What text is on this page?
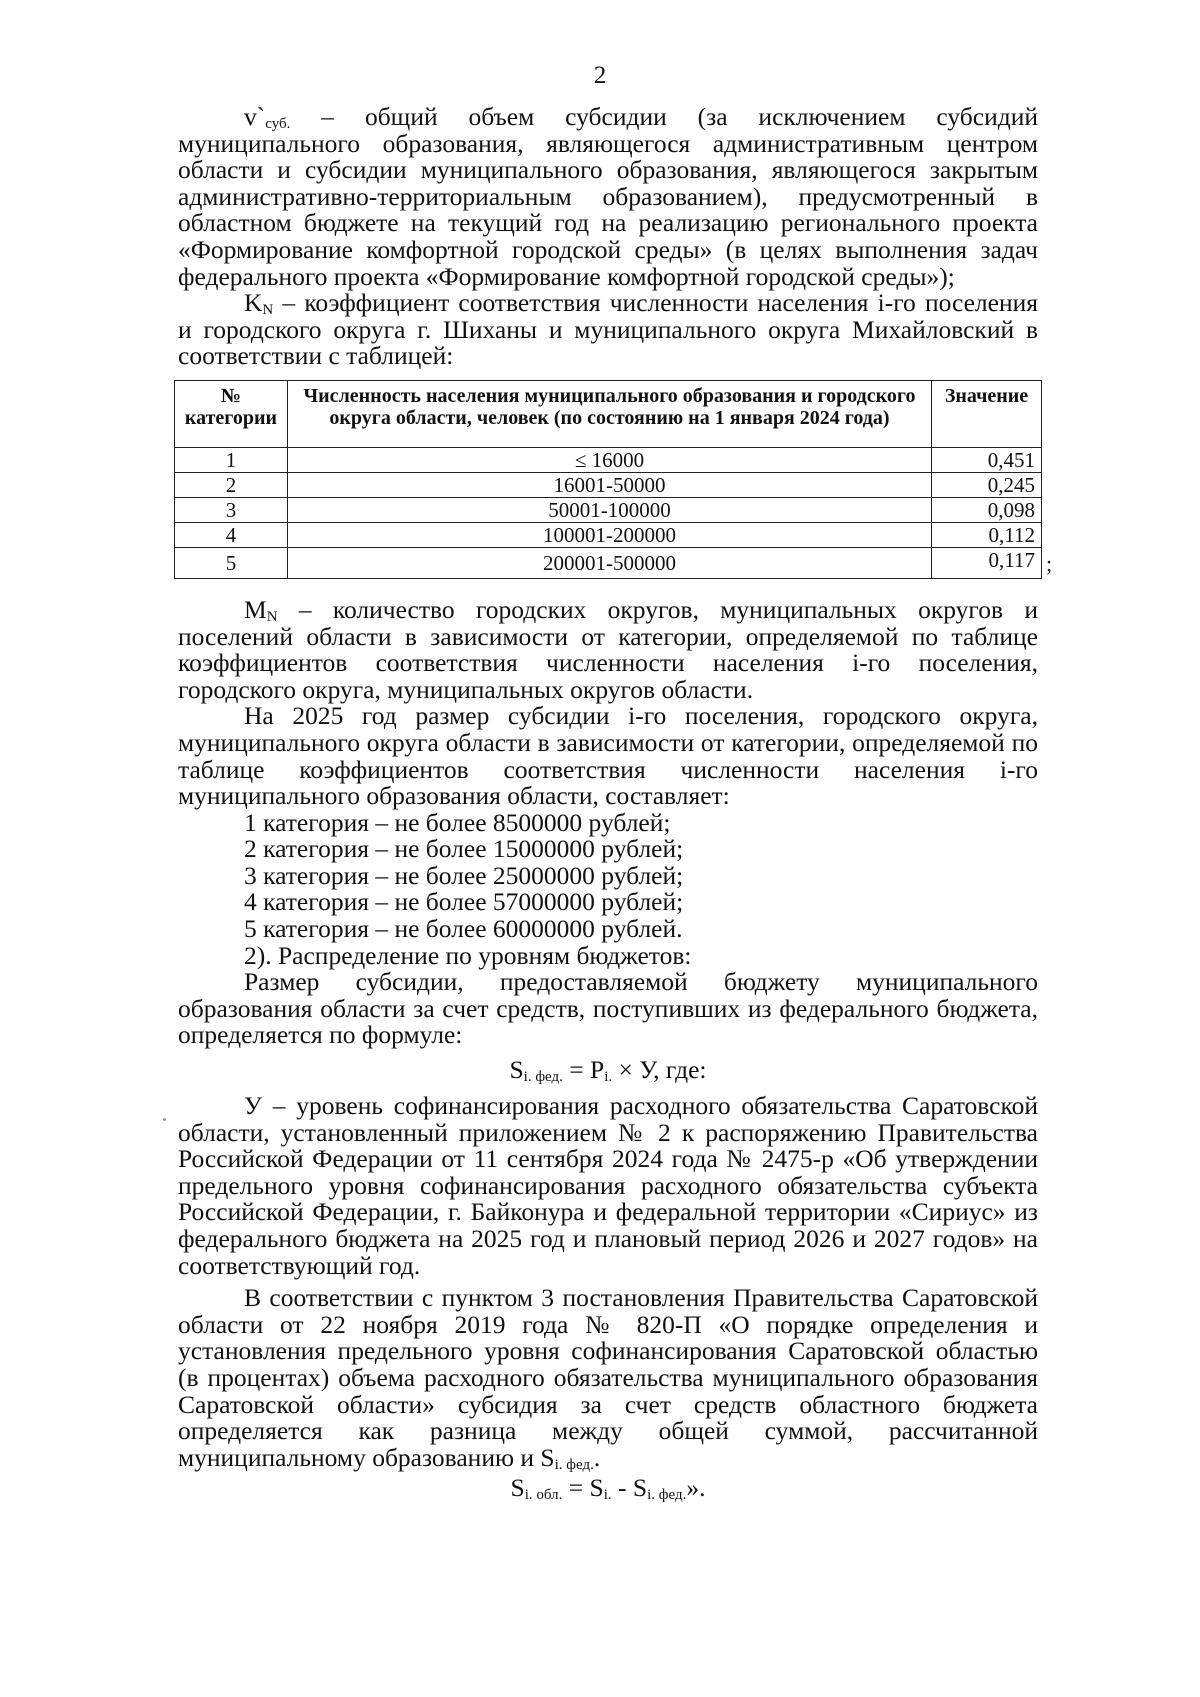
2

$v`_{суб.}$ – общий объем субсидии (за исключением субсидий муниципального образования, являющегося административным центром области и субсидии муниципального образования, являющегося закрытым административно-территориальным образованием), предусмотренный в областном бюджете на текущий год на реализацию регионального проекта «Формирование комфортной городской среды» (в целях выполнения задач федерального проекта «Формирование комфортной городской среды»);

$K_N$ – коэффициент соответствия численности населения i-го поселения и городского округа г. Шиханы и муниципального округа Михайловский в соответствии с таблицей:

№ категории	Численность населения муниципального образования и городского округа области, человек (по состоянию на 1 января 2024 года)	Значение
1	≤ 16000	0,451
2	16001-50000	0,245
3	50001-100000	0,098
4	100001-200000	0,112
5	200001-500000	0,117 ;

$M_N$ – количество городских округов, муниципальных округов и поселений области в зависимости от категории, определяемой по таблице коэффициентов соответствия численности населения i-го поселения, городского округа, муниципальных округов области.

На 2025 год размер субсидии i-го поселения, городского округа, муниципального округа области в зависимости от категории, определяемой по таблице коэффициентов соответствия численности населения i-го муниципального образования области, составляет:

1 категория – не более 8500000 рублей;

2 категория – не более 15000000 рублей;

3 категория – не более 25000000 рублей;

4 категория – не более 57000000 рублей;

5 категория – не более 60000000 рублей.

2). Распределение по уровням бюджетов:

Размер субсидии, предоставляемой бюджету муниципального образования области за счет средств, поступивших из федерального бюджета, определяется по формуле:

$S_{i. фед.} = P_{i.} \times У$, где:

У – уровень софинансирования расходного обязательства Саратовской области, установленный приложением № 2 к распоряжению Правительства Российской Федерации от 11 сентября 2024 года № 2475-р «Об утверждении предельного уровня софинансирования расходного обязательства субъекта Российской Федерации, г. Байконура и федеральной территории «Сириус» из федерального бюджета на 2025 год и плановый период 2026 и 2027 годов» на соответствующий год.

В соответствии с пунктом 3 постановления Правительства Саратовской области от 22 ноября 2019 года № 820-П «О порядке определения и установления предельного уровня софинансирования Саратовской областью (в процентах) объема расходного обязательства муниципального образования Саратовской области» субсидия за счет средств областного бюджета определяется как разница между общей суммой, рассчитанной муниципальному образованию и $S_{i. фед.}$.

$S_{i. обл.} = S_{i.} - S_{i. фед.}$».
